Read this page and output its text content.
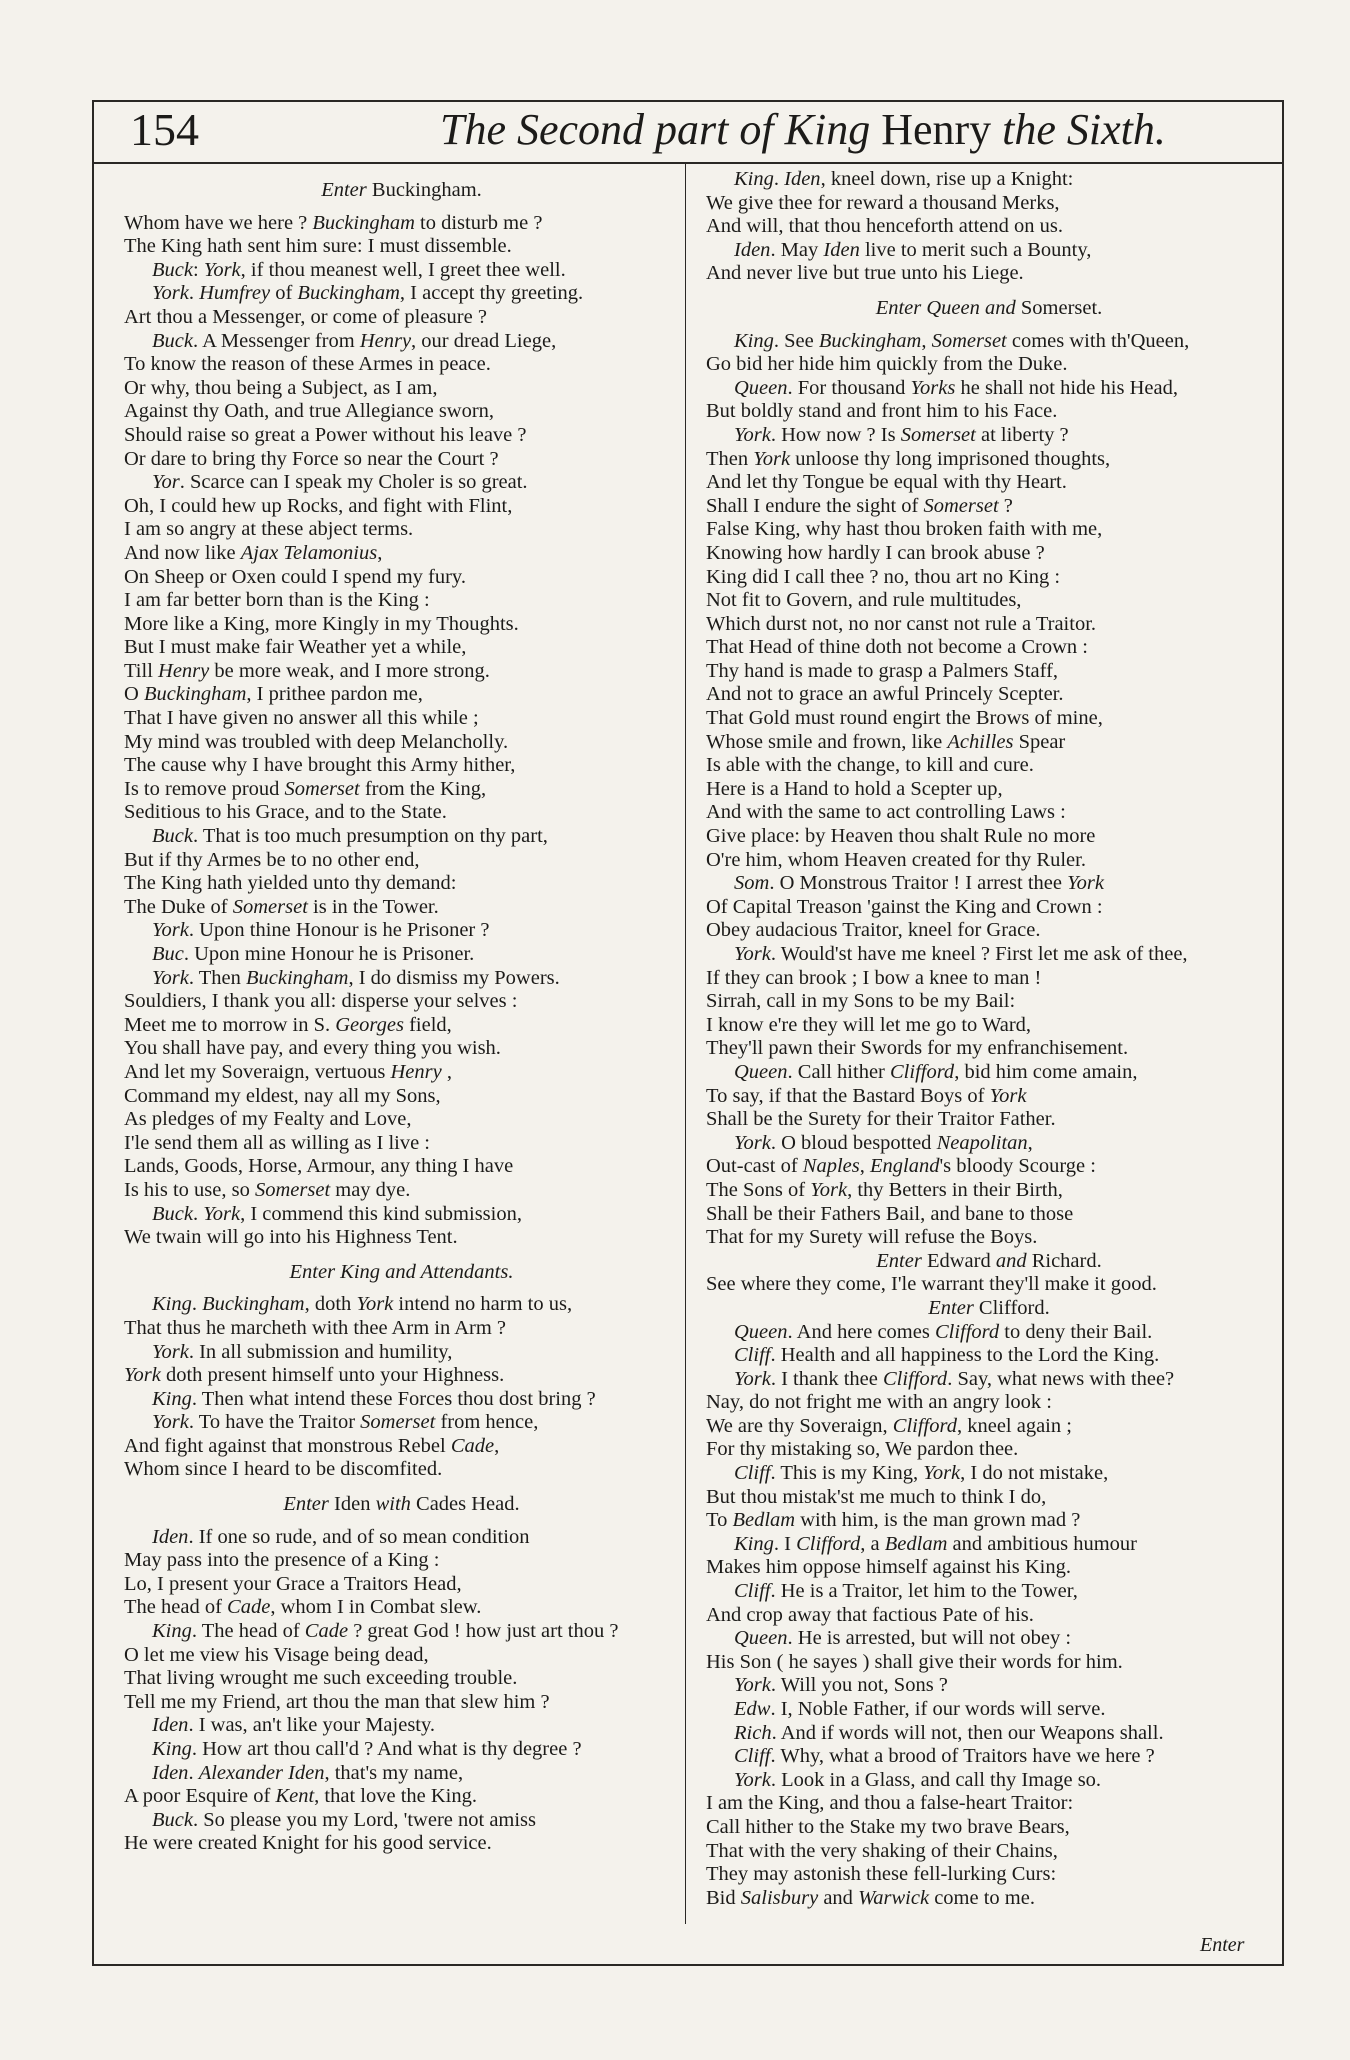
154	The Second part of King Henry the Sixth.
Enter Buckingham.
Whom have we here ? Buckingham to disturb me ?
The King hath sent him sure: I must dissemble.
Buck: York, if thou meanest well, I greet thee well.
York. Humfrey of Buckingham, I accept thy greeting.
Art thou a Messenger, or come of pleasure ?
Buck. A Messenger from Henry, our dread Liege,
To know the reason of these Armes in peace.
Or why, thou being a Subject, as I am,
Against thy Oath, and true Allegiance sworn,
Should raise so great a Power without his leave ?
Or dare to bring thy Force so near the Court ?
Yor. Scarce can I speak my Choler is so great.
Oh, I could hew up Rocks, and fight with Flint,
I am so angry at these abject terms.
And now like Ajax Telamonius,
On Sheep or Oxen could I spend my fury.
I am far better born than is the King :
More like a King, more Kingly in my Thoughts.
But I must make fair Weather yet a while,
Till Henry be more weak, and I more strong.
O Buckingham, I prithee pardon me,
That I have given no answer all this while ;
My mind was troubled with deep Melancholly.
The cause why I have brought this Army hither,
Is to remove proud Somerset from the King,
Seditious to his Grace, and to the State.
Buck. That is too much presumption on thy part,
But if thy Armes be to no other end,
The King hath yielded unto thy demand:
The Duke of Somerset is in the Tower.
York. Upon thine Honour is he Prisoner ?
Buc. Upon mine Honour he is Prisoner.
York. Then Buckingham, I do dismiss my Powers.
Souldiers, I thank you all: disperse your selves :
Meet me to morrow in S. Georges field,
You shall have pay, and every thing you wish.
And let my Soveraign, vertuous Henry ,
Command my eldest, nay all my Sons,
As pledges of my Fealty and Love,
I'le send them all as willing as I live :
Lands, Goods, Horse, Armour, any thing I have
Is his to use, so Somerset may dye.
Buck. York, I commend this kind submission,
We twain will go into his Highness Tent.
Enter King and Attendants.
King. Buckingham, doth York intend no harm to us,
That thus he marcheth with thee Arm in Arm ?
York. In all submission and humility,
York doth present himself unto your Highness.
King. Then what intend these Forces thou dost bring ?
York. To have the Traitor Somerset from hence,
And fight against that monstrous Rebel Cade,
Whom since I heard to be discomfited.
Enter Iden with Cades Head.
Iden. If one so rude, and of so mean condition
May pass into the presence of a King :
Lo, I present your Grace a Traitors Head,
The head of Cade, whom I in Combat slew.
King. The head of Cade ? great God ! how just art thou ?
O let me view his Visage being dead,
That living wrought me such exceeding trouble.
Tell me my Friend, art thou the man that slew him ?
Iden. I was, an't like your Majesty.
King. How art thou call'd ? And what is thy degree ?
Iden. Alexander Iden, that's my name,
A poor Esquire of Kent, that love the King.
Buck. So please you my Lord, 'twere not amiss
He were created Knight for his good service.
King. Iden, kneel down, rise up a Knight:
We give thee for reward a thousand Merks,
And will, that thou henceforth attend on us.
Iden. May Iden live to merit such a Bounty,
And never live but true unto his Liege.
Enter Queen and Somerset.
King. See Buckingham, Somerset comes with th'Queen,
Go bid her hide him quickly from the Duke.
Queen. For thousand Yorks he shall not hide his Head,
But boldly stand and front him to his Face.
York. How now ? Is Somerset at liberty ?
Then York unloose thy long imprisoned thoughts,
And let thy Tongue be equal with thy Heart.
Shall I endure the sight of Somerset ?
False King, why hast thou broken faith with me,
Knowing how hardly I can brook abuse ?
King did I call thee ? no, thou art no King :
Not fit to Govern, and rule multitudes,
Which durst not, no nor canst not rule a Traitor.
That Head of thine doth not become a Crown :
Thy hand is made to grasp a Palmers Staff,
And not to grace an awful Princely Scepter.
That Gold must round engirt the Brows of mine,
Whose smile and frown, like Achilles Spear
Is able with the change, to kill and cure.
Here is a Hand to hold a Scepter up,
And with the same to act controlling Laws :
Give place: by Heaven thou shalt Rule no more
O're him, whom Heaven created for thy Ruler.
Som. O Monstrous Traitor ! I arrest thee York
Of Capital Treason 'gainst the King and Crown :
Obey audacious Traitor, kneel for Grace.
York. Would'st have me kneel ? First let me ask of thee,
If they can brook ; I bow a knee to man !
Sirrah, call in my Sons to be my Bail:
I know e're they will let me go to Ward,
They'll pawn their Swords for my enfranchisement.
Queen. Call hither Clifford, bid him come amain,
To say, if that the Bastard Boys of York
Shall be the Surety for their Traitor Father.
York. O bloud bespotted Neapolitan,
Out-cast of Naples, England's bloody Scourge :
The Sons of York, thy Betters in their Birth,
Shall be their Fathers Bail, and bane to those
That for my Surety will refuse the Boys.
Enter Edward and Richard.
See where they come, I'le warrant they'll make it good.
Enter Clifford.
Queen. And here comes Clifford to deny their Bail.
Cliff. Health and all happiness to the Lord the King.
York. I thank thee Clifford. Say, what news with thee?
Nay, do not fright me with an angry look :
We are thy Soveraign, Clifford, kneel again ;
For thy mistaking so, We pardon thee.
Cliff. This is my King, York, I do not mistake,
But thou mistak'st me much to think I do,
To Bedlam with him, is the man grown mad ?
King. I Clifford, a Bedlam and ambitious humour
Makes him oppose himself against his King.
Cliff. He is a Traitor, let him to the Tower,
And crop away that factious Pate of his.
Queen. He is arrested, but will not obey :
His Son ( he sayes ) shall give their words for him.
York. Will you not, Sons ?
Edw. I, Noble Father, if our words will serve.
Rich. And if words will not, then our Weapons shall.
Cliff. Why, what a brood of Traitors have we here ?
York. Look in a Glass, and call thy Image so.
I am the King, and thou a false-heart Traitor:
Call hither to the Stake my two brave Bears,
That with the very shaking of their Chains,
They may astonish these fell-lurking Curs:
Bid Salisbury and Warwick come to me.
Enter
